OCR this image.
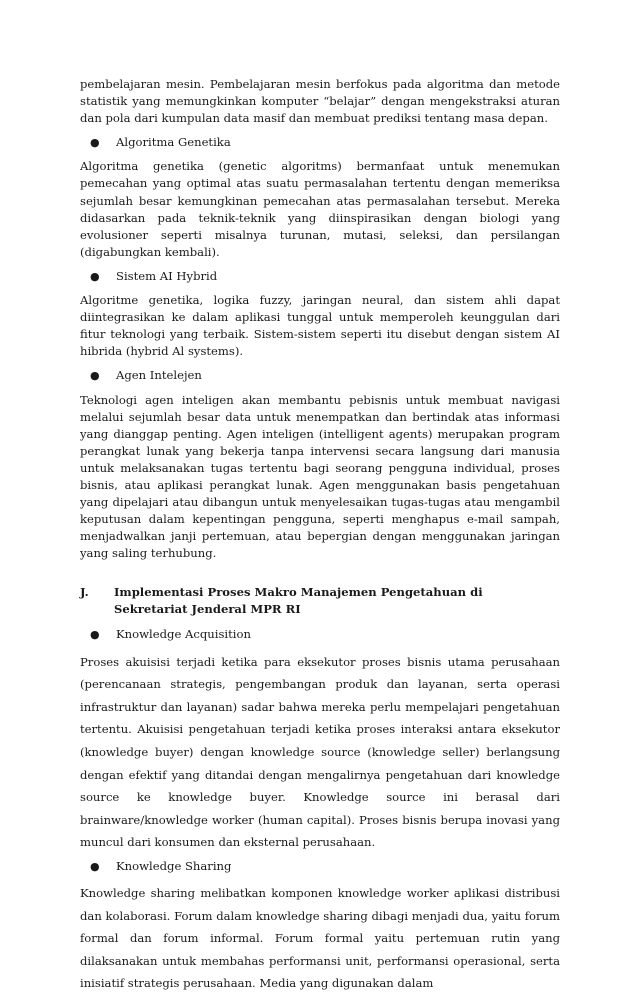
pembelajaran mesin. Pembelajaran mesin berfokus pada algoritma dan metode statistik yang memungkinkan komputer “belajar” dengan mengekstraksi aturan dan pola dari kumpulan data masif dan membuat prediksi tentang masa depan.

●	Algoritma Genetika

Algoritma genetika (genetic algoritms) bermanfaat untuk menemukan pemecahan yang optimal atas suatu permasalahan tertentu dengan memeriksa sejumlah besar kemungkinan pemecahan atas permasalahan tersebut. Mereka didasarkan pada teknik-teknik yang diinspirasikan dengan biologi yang evolusioner seperti misalnya turunan, mutasi, seleksi, dan persilangan (digabungkan kembali).

●	Sistem AI Hybrid

Algoritme genetika, logika fuzzy, jaringan neural, dan sistem ahli dapat diintegrasikan ke dalam aplikasi tunggal untuk memperoleh keunggulan dari fitur teknologi yang terbaik. Sistem-sistem seperti itu disebut dengan sistem AI hibrida (hybrid Al systems).

●	Agen Intelejen

Teknologi agen inteligen akan membantu pebisnis untuk membuat navigasi melalui sejumlah besar data untuk menempatkan dan bertindak atas informasi yang dianggap penting. Agen inteligen (intelligent agents) merupakan program perangkat lunak yang bekerja tanpa intervensi secara langsung dari manusia untuk melaksanakan tugas tertentu bagi seorang pengguna individual, proses bisnis, atau aplikasi perangkat lunak. Agen menggunakan basis pengetahuan yang dipelajari atau dibangun untuk menyelesaikan tugas-tugas atau mengambil keputusan dalam kepentingan pengguna, seperti menghapus e-mail sampah, menjadwalkan janji pertemuan, atau bepergian dengan menggunakan jaringan yang saling terhubung.

J.	Implementasi Proses Makro Manajemen Pengetahuan di Sekretariat Jenderal MPR RI
●	Knowledge Acquisition

Proses akuisisi terjadi ketika para eksekutor proses bisnis utama perusahaan (perencanaan strategis, pengembangan produk dan layanan, serta operasi infrastruktur dan layanan) sadar bahwa mereka perlu mempelajari pengetahuan tertentu. Akuisisi pengetahuan terjadi ketika proses interaksi antara eksekutor (knowledge buyer) dengan knowledge source (knowledge seller) berlangsung dengan efektif yang ditandai dengan mengalirnya pengetahuan dari knowledge source ke knowledge buyer. Knowledge source ini berasal dari brainware/knowledge worker (human capital). Proses bisnis berupa inovasi yang muncul dari konsumen dan eksternal perusahaan.

●	Knowledge Sharing

Knowledge sharing melibatkan komponen knowledge worker aplikasi distribusi dan kolaborasi. Forum dalam knowledge sharing dibagi menjadi dua, yaitu forum formal dan forum informal. Forum formal yaitu pertemuan rutin yang dilaksanakan untuk membahas performansi unit, performansi operasional, serta inisiatif strategis perusahaan. Media yang digunakan dalam
